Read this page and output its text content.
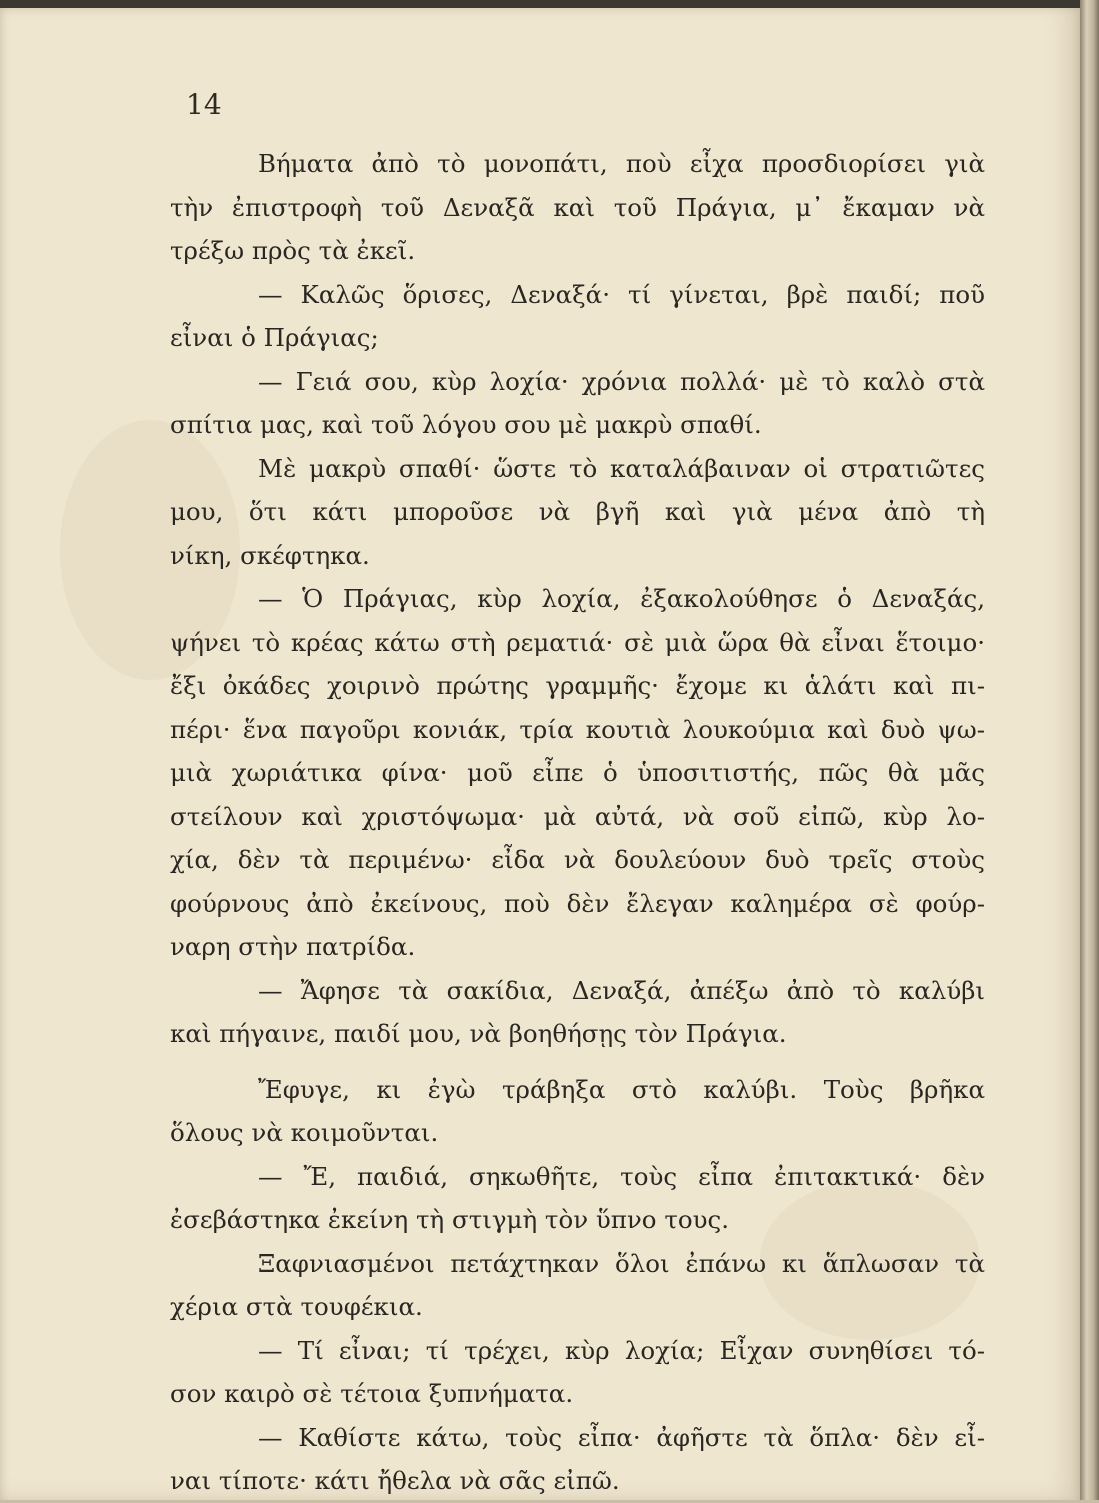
14
Βήματα ἀπὸ τὸ μονοπάτι, ποὺ εἶχα προσδιορίσει γιὰ
τὴν ἐπιστροφὴ τοῦ Δεναξᾶ καὶ τοῦ Πράγια, μ᾽ ἔκαμαν νὰ
τρέξω πρὸς τὰ ἐκεῖ.
— Καλῶς ὅρισες, Δεναξά· τί γίνεται, βρὲ παιδί; ποῦ
εἶναι ὁ Πράγιας;
— Γειά σου, κὺρ λοχία· χρόνια πολλά· μὲ τὸ καλὸ στὰ
σπίτια μας, καὶ τοῦ λόγου σου μὲ μακρὺ σπαθί.
Μὲ μακρὺ σπαθί· ὥστε τὸ καταλάβαιναν οἱ στρατιῶτες
μου, ὅτι κάτι μποροῦσε νὰ βγῆ καὶ γιὰ μένα ἀπὸ τὴ
νίκη, σκέφτηκα.
— Ὁ Πράγιας, κὺρ λοχία, ἐξακολούθησε ὁ Δεναξάς,
ψήνει τὸ κρέας κάτω στὴ ρεματιά· σὲ μιὰ ὥρα θὰ εἶναι ἕτοιμο·
ἔξι ὀκάδες χοιρινὸ πρώτης γραμμῆς· ἔχομε κι ἁλάτι καὶ πι-
πέρι· ἕνα παγοῦρι κονιάκ, τρία κουτιὰ λουκούμια καὶ δυὸ ψω-
μιὰ χωριάτικα φίνα· μοῦ εἶπε ὁ ὑποσιτιστής, πῶς θὰ μᾶς
στείλουν καὶ χριστόψωμα· μὰ αὐτά, νὰ σοῦ εἰπῶ, κὺρ λο-
χία, δὲν τὰ περιμένω· εἶδα νὰ δουλεύουν δυὸ τρεῖς στοὺς
φούρνους ἀπὸ ἐκείνους, ποὺ δὲν ἔλεγαν καλημέρα σὲ φούρ-
ναρη στὴν πατρίδα.
— Ἄφησε τὰ σακίδια, Δεναξά, ἀπέξω ἀπὸ τὸ καλύβι
καὶ πήγαινε, παιδί μου, νὰ βοηθήσῃς τὸν Πράγια.
Ἔφυγε, κι ἐγὼ τράβηξα στὸ καλύβι. Τοὺς βρῆκα
ὅλους νὰ κοιμοῦνται.
— Ἔ, παιδιά, σηκωθῆτε, τοὺς εἶπα ἐπιτακτικά· δὲν
ἐσεβάστηκα ἐκείνη τὴ στιγμὴ τὸν ὕπνο τους.
Ξαφνιασμένοι πετάχτηκαν ὅλοι ἐπάνω κι ἅπλωσαν τὰ
χέρια στὰ τουφέκια.
— Τί εἶναι; τί τρέχει, κὺρ λοχία; Εἶχαν συνηθίσει τό-
σον καιρὸ σὲ τέτοια ξυπνήματα.
— Καθίστε κάτω, τοὺς εἶπα· ἀφῆστε τὰ ὅπλα· δὲν εἶ-
ναι τίποτε· κάτι ἤθελα νὰ σᾶς εἰπῶ.
